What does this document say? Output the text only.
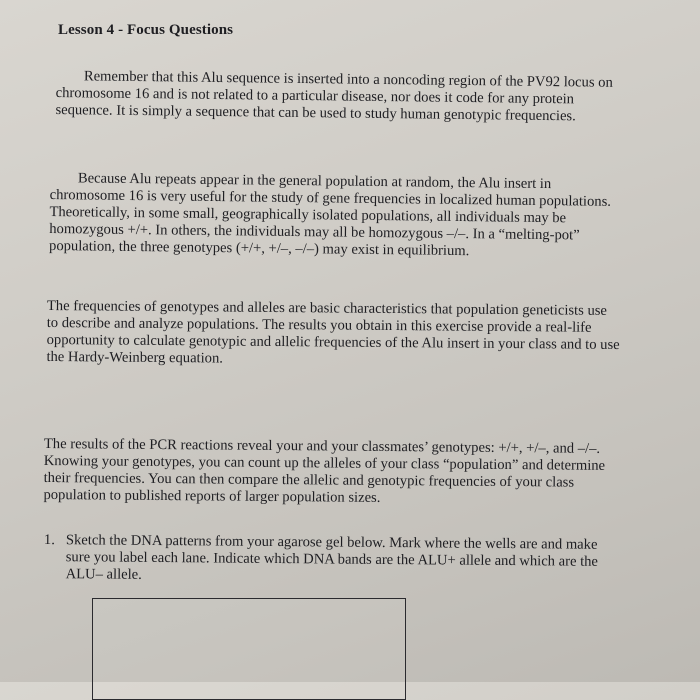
Lesson 4 - Focus Questions

Remember that this Alu sequence is inserted into a noncoding region of the PV92 locus on
chromosome 16 and is not related to a particular disease, nor does it code for any protein
sequence. It is simply a sequence that can be used to study human genotypic frequencies.

Because Alu repeats appear in the general population at random, the Alu insert in
chromosome 16 is very useful for the study of gene frequencies in localized human populations.
Theoretically, in some small, geographically isolated populations, all individuals may be
homozygous +/+. In others, the individuals may all be homozygous –/–. In a “melting-pot”
population, the three genotypes (+/+, +/–, –/–) may exist in equilibrium.

The frequencies of genotypes and alleles are basic characteristics that population geneticists use
to describe and analyze populations. The results you obtain in this exercise provide a real-life
opportunity to calculate genotypic and allelic frequencies of the Alu insert in your class and to use
the Hardy-Weinberg equation.

The results of the PCR reactions reveal your and your classmates’ genotypes: +/+, +/–, and –/–.
Knowing your genotypes, you can count up the alleles of your class “population” and determine
their frequencies. You can then compare the allelic and genotypic frequencies of your class
population to published reports of larger population sizes.

1. Sketch the DNA patterns from your agarose gel below. Mark where the wells are and make
sure you label each lane. Indicate which DNA bands are the ALU+ allele and which are the
ALU– allele.
